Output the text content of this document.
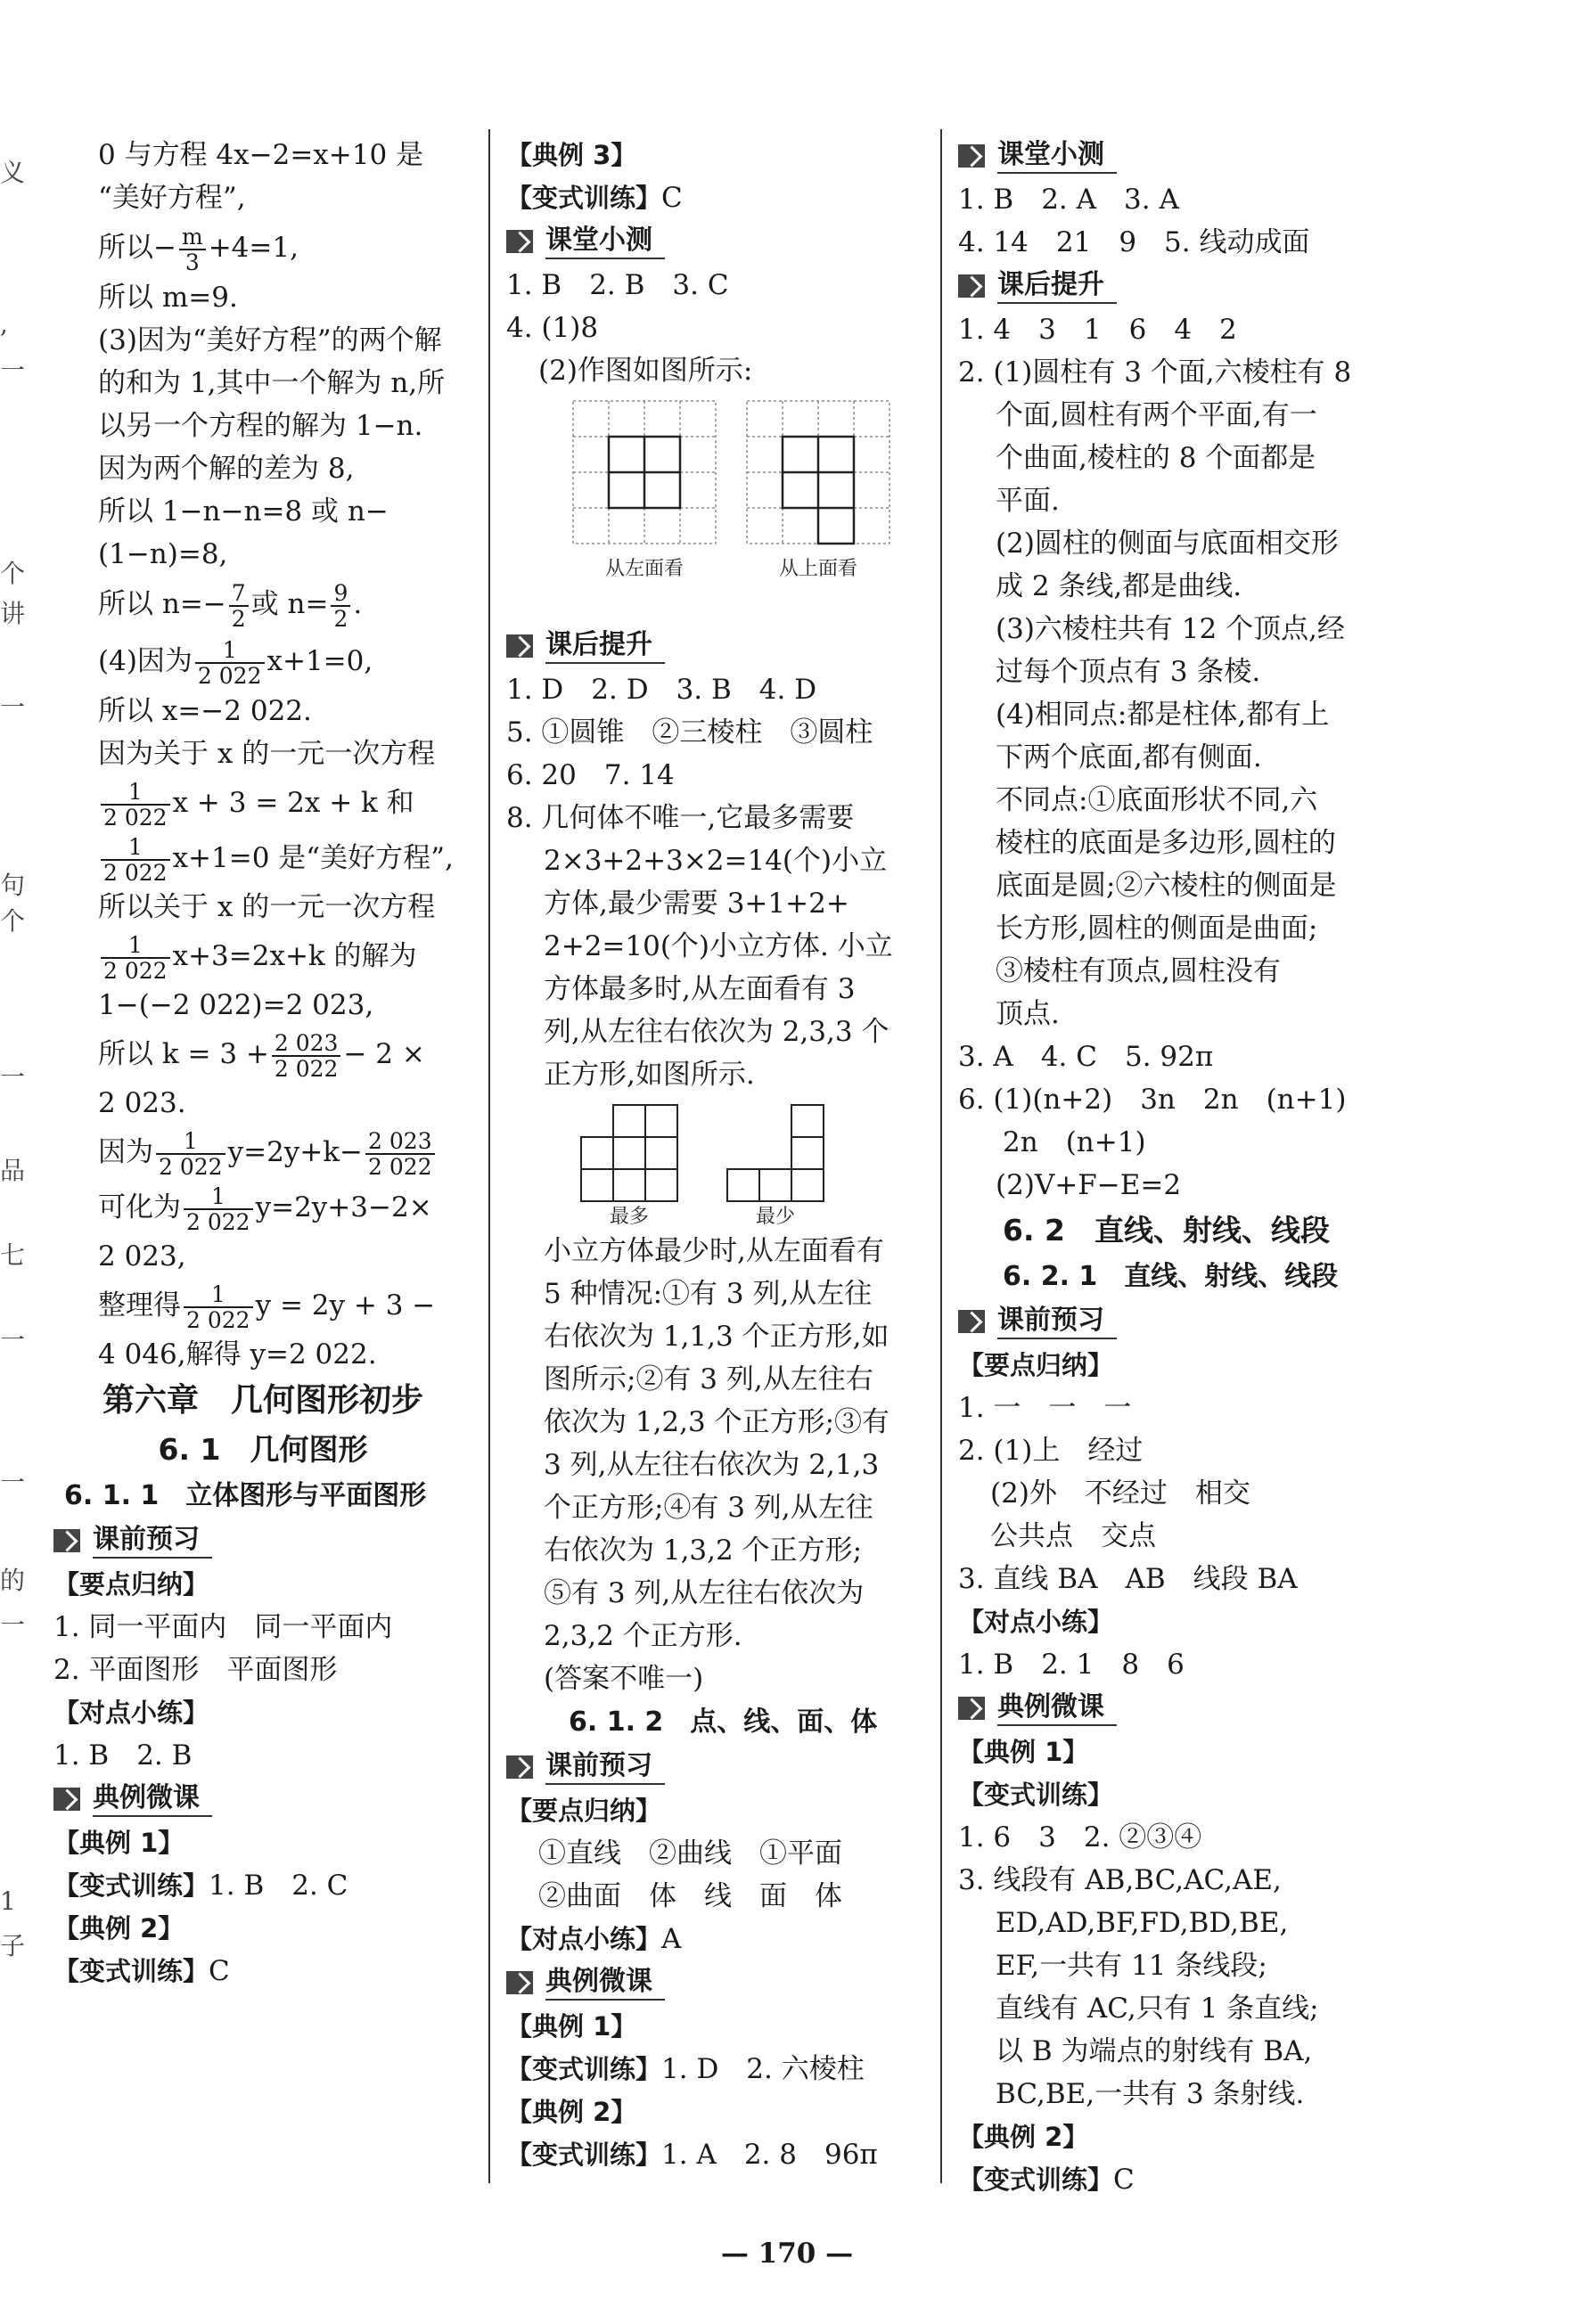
义
,
一
个
讲
一
句
个
一
品
七
一
一
的
一
1
子

0 与方程 4x−2=x+10 是

“美好方程”,

所以− $\frac{m}{3} +4=1$,

所以 m=9.

(3)因为“美好方程”的两个解

的和为 1,其中一个解为 n,所

以另一个方程的解为 1−n.

因为两个解的差为 8,

所以 1−n−n=8 或 n−

(1−n)=8,

所以 $n=- \frac{7}{2}$ 或 $n= \frac{9}{2}$ .

(4)因为 $\frac{1}{2 022} x+1=0$,

所以 x=−2 022.

因为关于 x 的一元一次方程

$\frac{1}{2 022}$ x + 3 = 2x + k 和

$\frac{1}{2 022} x+1=0$ 是“美好方程”,

所以关于 x 的一元一次方程

$\frac{1}{2 022} x+3=2x+k$ 的解为

1−(−2 022)=2 023,

所以 $k = 3 + \frac{2 023}{2 022} - 2$ ×

2 023.

因为 $\frac{1}{2 022} y=2y+k- \frac{2 023}{2 022}$

可化为 $\frac{1}{2 022} y=2y+3-2\times$

2 023,

整理得 $\frac{1}{2 022}$ y = 2y + 3 −

4 046,解得 y=2 022.

第六章　几何图形初步
6. 1　几何图形
6. 1. 1　立体图形与平面图形
课前预习

【要点归纳】

1. 同一平面内　同一平面内

2. 平面图形　平面图形

【对点小练】

1. B　2. B

典例微课

【典例 1】

【变式训练】1. B　2. C

【典例 2】

【变式训练】C

【典例 3】

【变式训练】C

课堂小测

1. B　2. B　3. C

4. (1)8

(2)作图如图所示:

从左面看	从上面看
课后提升

1. D　2. D　3. B　4. D

5. ①圆锥　②三棱柱　③圆柱

6. 20　7. 14

8. 几何体不唯一,它最多需要

2×3+2+3×2=14(个)小立

方体,最少需要 3+1+2+

2+2=10(个)小立方体. 小立

方体最多时,从左面看有 3

列,从左往右依次为 2,3,3 个

正方形,如图所示.

最多	最少

小立方体最少时,从左面看有

5 种情况:①有 3 列,从左往

右依次为 1,1,3 个正方形,如

图所示;②有 3 列,从左往右

依次为 1,2,3 个正方形;③有

3 列,从左往右依次为 2,1,3

个正方形;④有 3 列,从左往

右依次为 1,3,2 个正方形;

⑤有 3 列,从左往右依次为

2,3,2 个正方形.

(答案不唯一)

6. 1. 2　点、线、面、体
课前预习

【要点归纳】

①直线　②曲线　①平面

②曲面　体　线　面　体

【对点小练】A

典例微课

【典例 1】

【变式训练】1. D　2. 六棱柱

【典例 2】

【变式训练】1. A　2. 8　96π

课堂小测

1. B　2. A　3. A

4. 14　21　9　5. 线动成面

课后提升

1. 4　3　1　6　4　2

2. (1)圆柱有 3 个面,六棱柱有 8

个面,圆柱有两个平面,有一

个曲面,棱柱的 8 个面都是

平面.

(2)圆柱的侧面与底面相交形

成 2 条线,都是曲线.

(3)六棱柱共有 12 个顶点,经

过每个顶点有 3 条棱.

(4)相同点:都是柱体,都有上

下两个底面,都有侧面.

不同点:①底面形状不同,六

棱柱的底面是多边形,圆柱的

底面是圆;②六棱柱的侧面是

长方形,圆柱的侧面是曲面;

③棱柱有顶点,圆柱没有

顶点.

3. A　4. C　5. 92π

6. (1)(n+2)　3n　2n　(n+1)

2n　(n+1)

(2)V+F−E=2

6. 2　直线、射线、线段
6. 2. 1　直线、射线、线段
课前预习

【要点归纳】

1. 一　一　一

2. (1)上　经过

(2)外　不经过　相交

公共点　交点

3. 直线 BA　AB　线段 BA

【对点小练】

1. B　2. 1　8　6

典例微课

【典例 1】

【变式训练】

1. 6　3　2. ②③④

3. 线段有 AB,BC,AC,AE,

ED,AD,BF,FD,BD,BE,

EF,一共有 11 条线段;

直线有 AC,只有 1 条直线;

以 B 为端点的射线有 BA,

BC,BE,一共有 3 条射线.

【典例 2】

【变式训练】C

— 170 —
